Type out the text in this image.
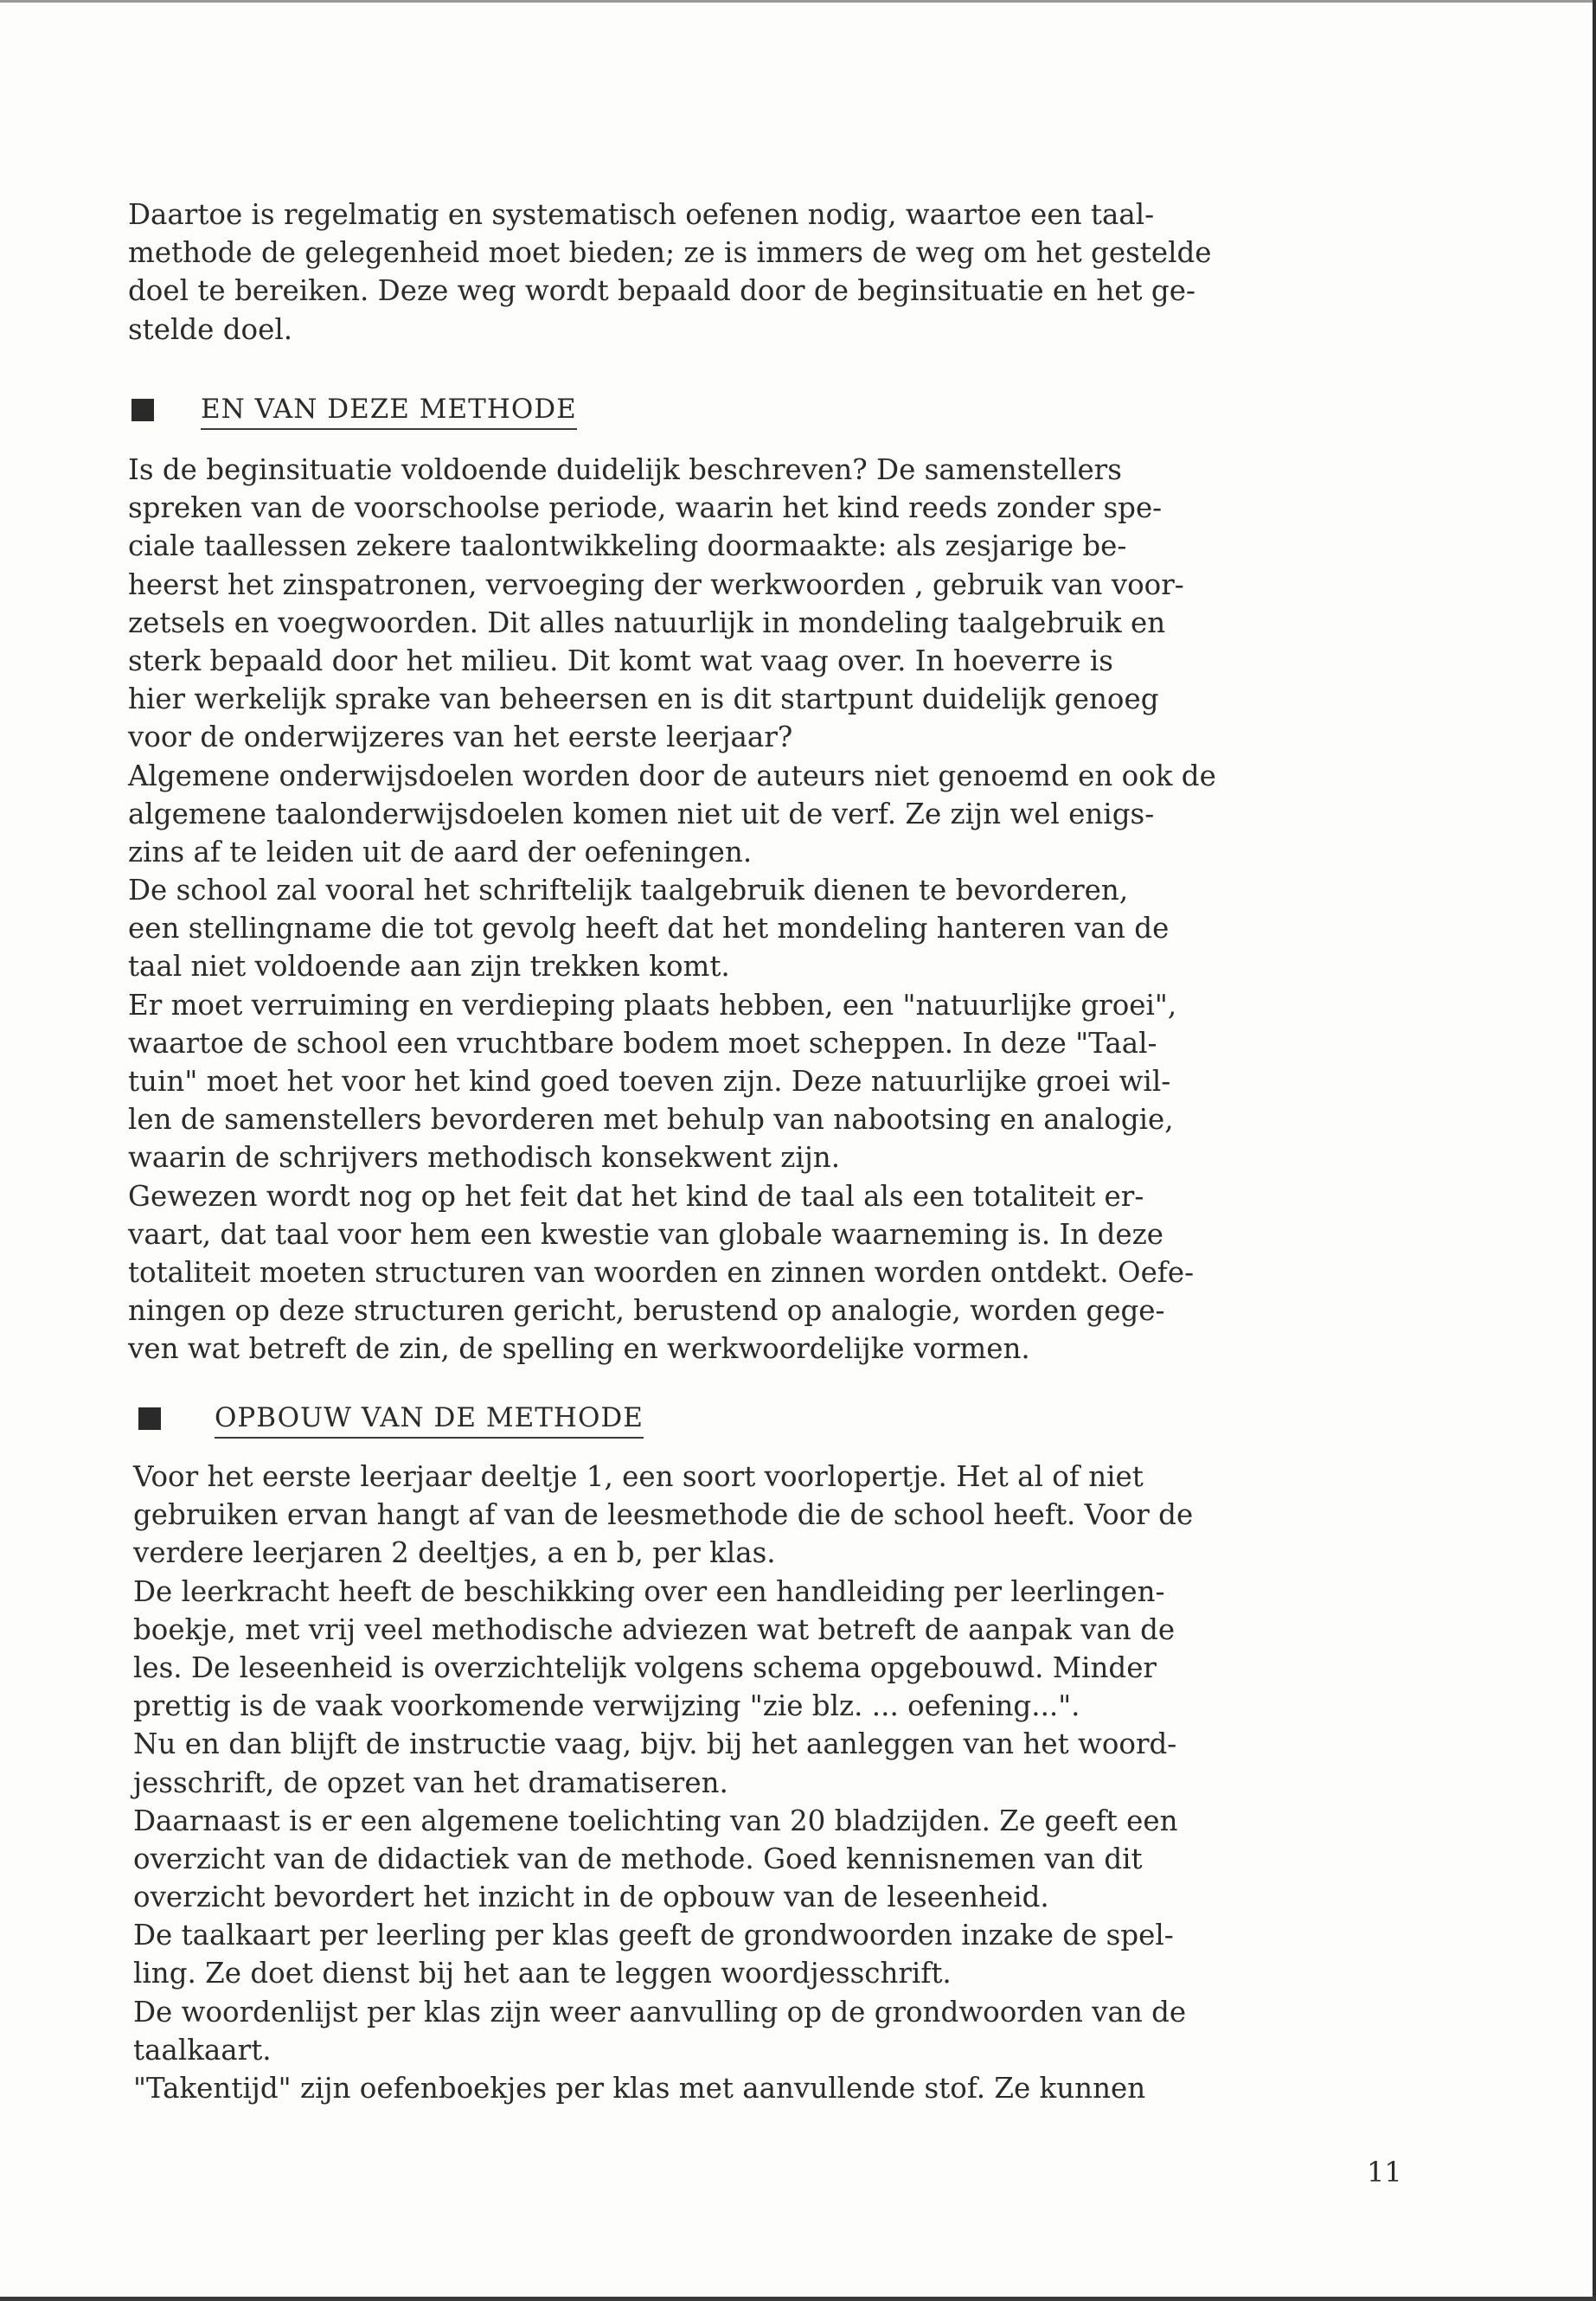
Daartoe is regelmatig en systematisch oefenen nodig, waartoe een taal-
methode de gelegenheid moet bieden; ze is immers de weg om het gestelde
doel te bereiken. Deze weg wordt bepaald door de beginsituatie en het ge-
stelde doel.
EN VAN DEZE METHODE
Is de beginsituatie voldoende duidelijk beschreven? De samenstellers
spreken van de voorschoolse periode, waarin het kind reeds zonder spe-
ciale taallessen zekere taalontwikkeling doormaakte: als zesjarige be-
heerst het zinspatronen, vervoeging der werkwoorden , gebruik van voor-
zetsels en voegwoorden. Dit alles natuurlijk in mondeling taalgebruik en
sterk bepaald door het milieu. Dit komt wat vaag over. In hoeverre is
hier werkelijk sprake van beheersen en is dit startpunt duidelijk genoeg
voor de onderwijzeres van het eerste leerjaar?
Algemene onderwijsdoelen worden door de auteurs niet genoemd en ook de
algemene taalonderwijsdoelen komen niet uit de verf. Ze zijn wel enigs-
zins af te leiden uit de aard der oefeningen.
De school zal vooral het schriftelijk taalgebruik dienen te bevorderen,
een stellingname die tot gevolg heeft dat het mondeling hanteren van de
taal niet voldoende aan zijn trekken komt.
Er moet verruiming en verdieping plaats hebben, een "natuurlijke groei",
waartoe de school een vruchtbare bodem moet scheppen. In deze "Taal-
tuin" moet het voor het kind goed toeven zijn. Deze natuurlijke groei wil-
len de samenstellers bevorderen met behulp van nabootsing en analogie,
waarin de schrijvers methodisch konsekwent zijn.
Gewezen wordt nog op het feit dat het kind de taal als een totaliteit er-
vaart, dat taal voor hem een kwestie van globale waarneming is. In deze
totaliteit moeten structuren van woorden en zinnen worden ontdekt. Oefe-
ningen op deze structuren gericht, berustend op analogie, worden gege-
ven wat betreft de zin, de spelling en werkwoordelijke vormen.
OPBOUW VAN DE METHODE
Voor het eerste leerjaar deeltje 1, een soort voorlopertje. Het al of niet
gebruiken ervan hangt af van de leesmethode die de school heeft. Voor de
verdere leerjaren 2 deeltjes, a en b, per klas.
De leerkracht heeft de beschikking over een handleiding per leerlingen-
boekje, met vrij veel methodische adviezen wat betreft de aanpak van de
les. De leseenheid is overzichtelijk volgens schema opgebouwd. Minder
prettig is de vaak voorkomende verwijzing "zie blz. ... oefening...".
Nu en dan blijft de instructie vaag, bijv. bij het aanleggen van het woord-
jesschrift, de opzet van het dramatiseren.
Daarnaast is er een algemene toelichting van 20 bladzijden. Ze geeft een
overzicht van de didactiek van de methode. Goed kennisnemen van dit
overzicht bevordert het inzicht in de opbouw van de leseenheid.
De taalkaart per leerling per klas geeft de grondwoorden inzake de spel-
ling. Ze doet dienst bij het aan te leggen woordjesschrift.
De woordenlijst per klas zijn weer aanvulling op de grondwoorden van de
taalkaart.
"Takentijd" zijn oefenboekjes per klas met aanvullende stof. Ze kunnen
11
